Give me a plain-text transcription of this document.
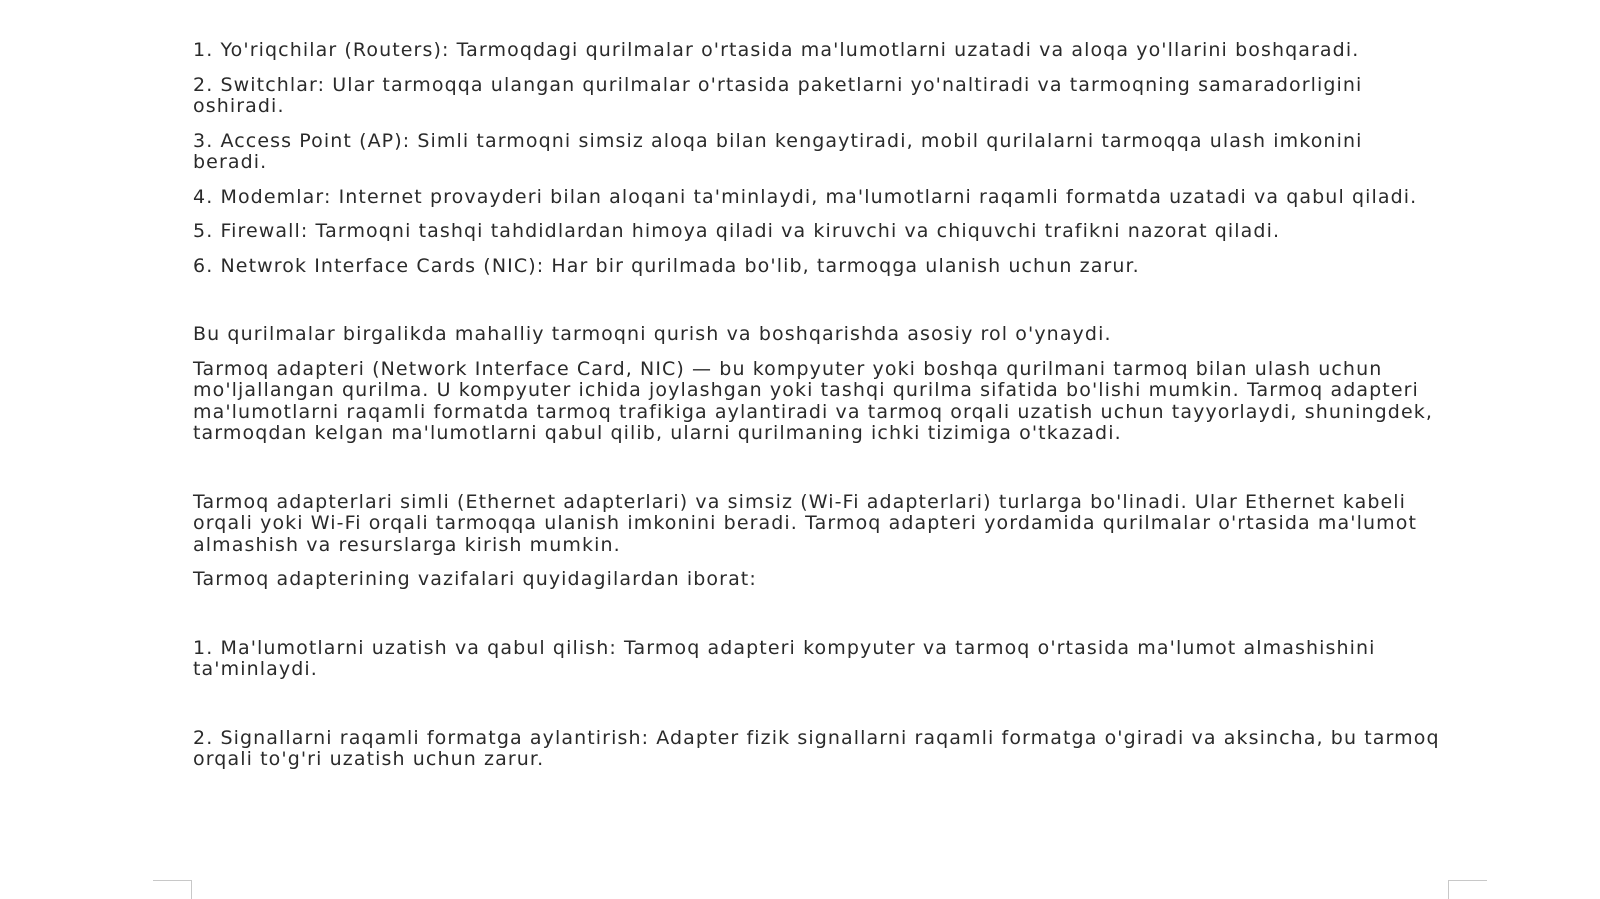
1. Yo'riqchilar (Routers): Tarmoqdagi qurilmalar o'rtasida ma'lumotlarni uzatadi va aloqa yo'llarini boshqaradi.

2. Switchlar: Ular tarmoqqa ulangan qurilmalar o'rtasida paketlarni yo'naltiradi va tarmoqning samaradorligini oshiradi.

3. Access Point (AP): Simli tarmoqni simsiz aloqa bilan kengaytiradi, mobil qurilalarni tarmoqqa ulash imkonini beradi.

4. Modemlar: Internet provayderi bilan aloqani ta'minlaydi, ma'lumotlarni raqamli formatda uzatadi va qabul qiladi.

5. Firewall: Tarmoqni tashqi tahdidlardan himoya qiladi va kiruvchi va chiquvchi trafikni nazorat qiladi.

6. Netwrok Interface Cards (NIC): Har bir qurilmada bo'lib, tarmoqga ulanish uchun zarur.

Bu qurilmalar birgalikda mahalliy tarmoqni qurish va boshqarishda asosiy rol o'ynaydi.

Tarmoq adapteri (Network Interface Card, NIC) — bu kompyuter yoki boshqa qurilmani tarmoq bilan ulash uchun mo'ljallangan qurilma. U kompyuter ichida joylashgan yoki tashqi qurilma sifatida bo'lishi mumkin. Tarmoq adapteri ma'lumotlarni raqamli formatda tarmoq trafikiga aylantiradi va tarmoq orqali uzatish uchun tayyorlaydi, shuningdek, tarmoqdan kelgan ma'lumotlarni qabul qilib, ularni qurilmaning ichki tizimiga o'tkazadi.

Tarmoq adapterlari simli (Ethernet adapterlari) va simsiz (Wi-Fi adapterlari) turlarga bo'linadi. Ular Ethernet kabeli orqali yoki Wi-Fi orqali tarmoqqa ulanish imkonini beradi. Tarmoq adapteri yordamida qurilmalar o'rtasida ma'lumot almashish va resurslarga kirish mumkin.

Tarmoq adapterining vazifalari quyidagilardan iborat:

1. Ma'lumotlarni uzatish va qabul qilish: Tarmoq adapteri kompyuter va tarmoq o'rtasida ma'lumot almashishini ta'minlaydi.

2. Signallarni raqamli formatga aylantirish: Adapter fizik signallarni raqamli formatga o'giradi va aksincha, bu tarmoq orqali to'g'ri uzatish uchun zarur.
